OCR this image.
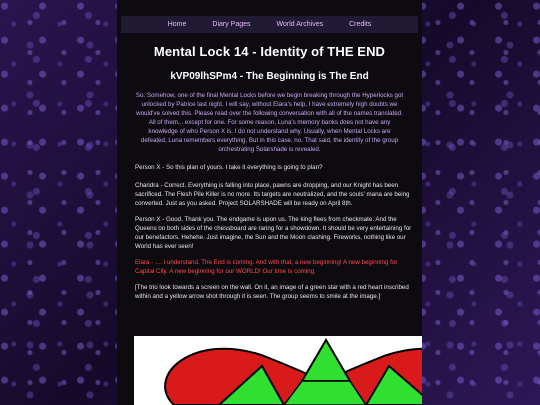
Home	Diary Pages	World Archives	Credits
Mental Lock 14 - Identity of THE END
kVP09lhSPm4 - The Beginning is The End

So. Somehow, one of the final Mental Locks before we begin breaking through the Hyperlocks got unlocked by Patrice last night. I will say, without Elara's help, I have extremely high doubts we would've solved this. Please read over the following conversation with all of the names translated. All of them... except for one. For some reason, Luna's memory banks does not have any knowledge of who Person X is. I do not understand why. Usually, when Mental Locks are defeated, Luna remembers everything. But in this case, no. That said, the identity of the group orchestrating Solarshade is revealed.

Person X - So this plan of yours. I take it everything is going to plan?

Charidra - Correct. Everything is falling into place, pawns are dropping, and our Knight has been sacrificed. The Flesh Pile Killer is no more. Its targets are neutralized, and the souls' mana are being converted. Just as you asked. Project SOLARSHADE will be ready on April 8th.

Person X - Good. Thank you. The endgame is upon us. The king flees from checkmate. And the Queens on both sides of the chessboard are raring for a showdown. It should be very entertaining for our benefactors. Hehehe. Just imagine, the Sun and the Moon clashing. Fireworks, nothing like our World has ever seen!

Elara - .... I understand. The End is coming. And with that, a new beginning! A new beginning for Capital City. A new beginning for our WORLD! Our time is coming.

[The trio look towards a screen on the wall. On it, an image of a green star with a red heart inscribed within and a yellow arrow shot through it is seen. The group seems to smile at the image.]
